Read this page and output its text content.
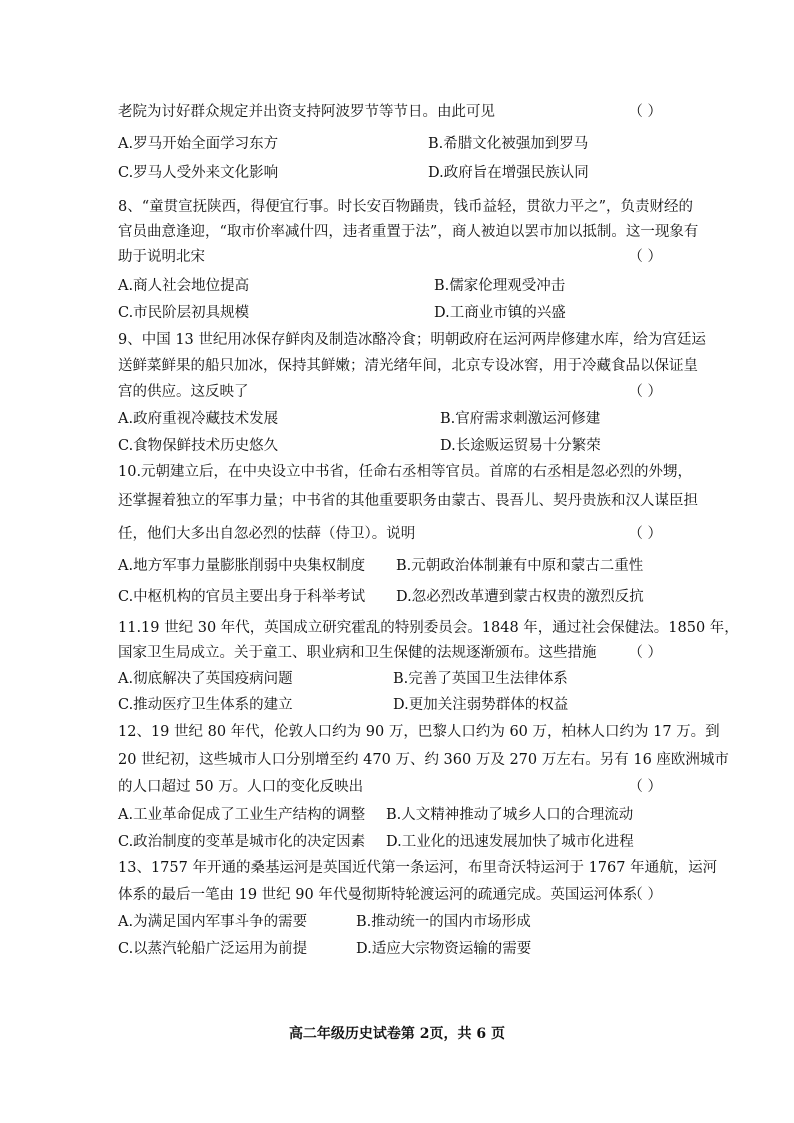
老院为讨好群众规定并出资支持阿波罗节等节日。由此可见	（ ）
A.罗马开始全面学习东方	B.希腊文化被强加到罗马
C.罗马人受外来文化影响	D.政府旨在增强民族认同
8、“童贯宣抚陕西，得便宜行事。时长安百物踊贵，钱币益轻，贯欲力平之”，负责财经的
官员曲意逢迎，“取市价率减什四，违者重置于法”，商人被迫以罢市加以抵制。这一现象有
助于说明北宋	（ ）
A.商人社会地位提高	B.儒家伦理观受冲击
C.市民阶层初具规模	D.工商业市镇的兴盛
9、中国 13 世纪用冰保存鲜肉及制造冰酪冷食；明朝政府在运河两岸修建水库，给为宫廷运
送鲜菜鲜果的船只加冰，保持其鲜嫩；清光绪年间，北京专设冰窖，用于冷藏食品以保证皇
宫的供应。这反映了	（ ）
A.政府重视冷藏技术发展	B.官府需求刺激运河修建
C.食物保鲜技术历史悠久	D.长途贩运贸易十分繁荣
10.元朝建立后，在中央设立中书省，任命右丞相等官员。首席的右丞相是忽必烈的外甥，
还掌握着独立的军事力量；中书省的其他重要职务由蒙古、畏吾儿、契丹贵族和汉人谋臣担
任，他们大多出自忽必烈的怯薛（侍卫）。说明	（ ）
A.地方军事力量膨胀削弱中央集权制度 B.元朝政治体制兼有中原和蒙古二重性
C.中枢机构的官员主要出身于科举考试 D.忽必烈改革遭到蒙古权贵的激烈反抗
11.19 世纪 30 年代，英国成立研究霍乱的特别委员会。1848 年，通过社会保健法。1850 年，
国家卫生局成立。关于童工、职业病和卫生保健的法规逐渐颁布。这些措施 （ ）
A.彻底解决了英国疫病问题	B.完善了英国卫生法律体系
C.推动医疗卫生体系的建立	D.更加关注弱势群体的权益
12、19 世纪 80 年代，伦敦人口约为 90 万，巴黎人口约为 60 万，柏林人口约为 17 万。到
20 世纪初，这些城市人口分别增至约 470 万、约 360 万及 270 万左右。另有 16 座欧洲城市
的人口超过 50 万。人口的变化反映出	（ ）
A.工业革命促成了工业生产结构的调整 B.人文精神推动了城乡人口的合理流动
C.政治制度的变革是城市化的决定因素 D.工业化的迅速发展加快了城市化进程
13、1757 年开通的桑基运河是英国近代第一条运河，布里奇沃特运河于 1767 年通航，运河
体系的最后一笔由 19 世纪 90 年代曼彻斯特轮渡运河的疏通完成。英国运河体系
（ ）
A.为满足国内军事斗争的需要	B.推动统一的国内市场形成
C.以蒸汽轮船广泛运用为前提	D.适应大宗物资运输的需要
高二年级历史试卷第 2页，共 6 页
